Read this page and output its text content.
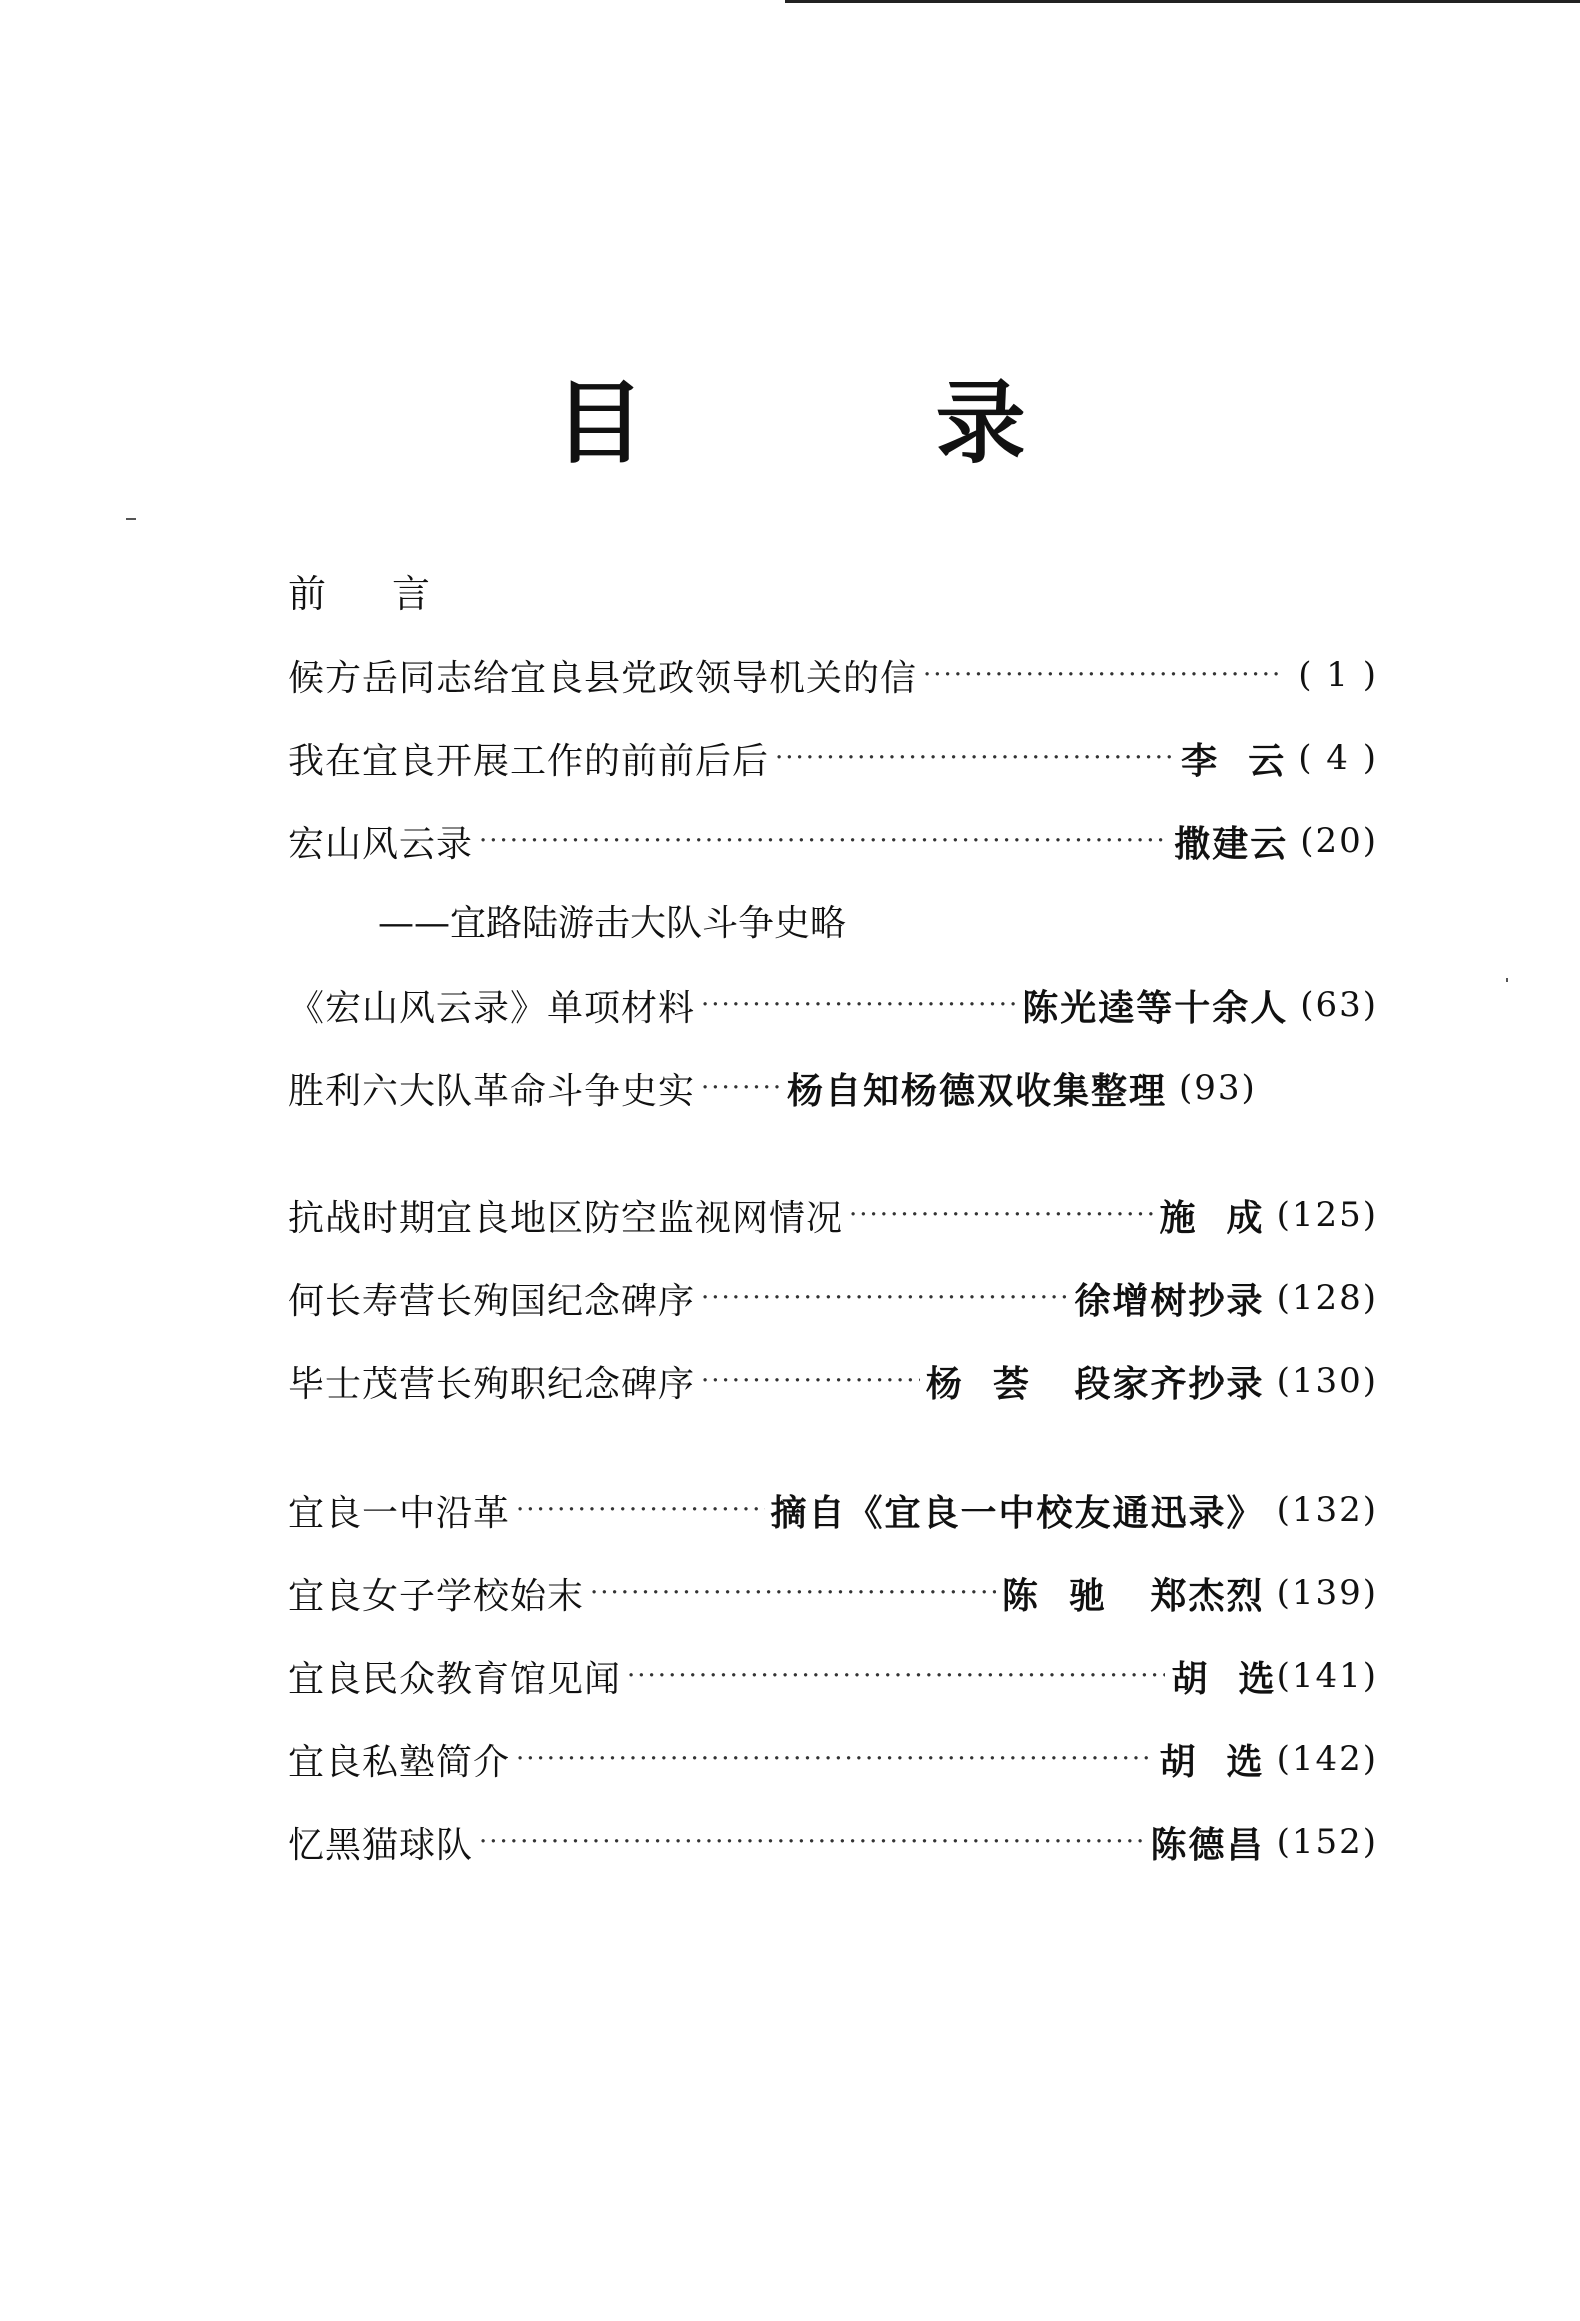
目 录
前言
候方岳同志给宜良县党政领导机关的信 ·····	( 1 )
我在宜良开展工作的前前后后 ·····	李  云 ( 4 )
宏山风云录 ·····	撒建云 (20)
——宜路陆游击大队斗争史略
《宏山风云录》单项材料 ·····	陈光逵等十余人 (63)
胜利六大队革命斗争史实 ·····	杨自知杨德双收集整理 (93)
抗战时期宜良地区防空监视网情况 ·····	施  成 (125)
何长寿营长殉国纪念碑序 ·····	徐增树抄录 (128)
毕士茂营长殉职纪念碑序 ·····	杨  荟   段家齐抄录 (130)
宜良一中沿革 ·····	摘自《宜良一中校友通迅录》 (132)
宜良女子学校始末 ·····	陈  驰   郑杰烈 (139)
宜良民众教育馆见闻 ·····	胡  选 (141)
宜良私塾简介 ·····	胡  选 (142)
忆黑猫球队 ·····	陈德昌 (152)
